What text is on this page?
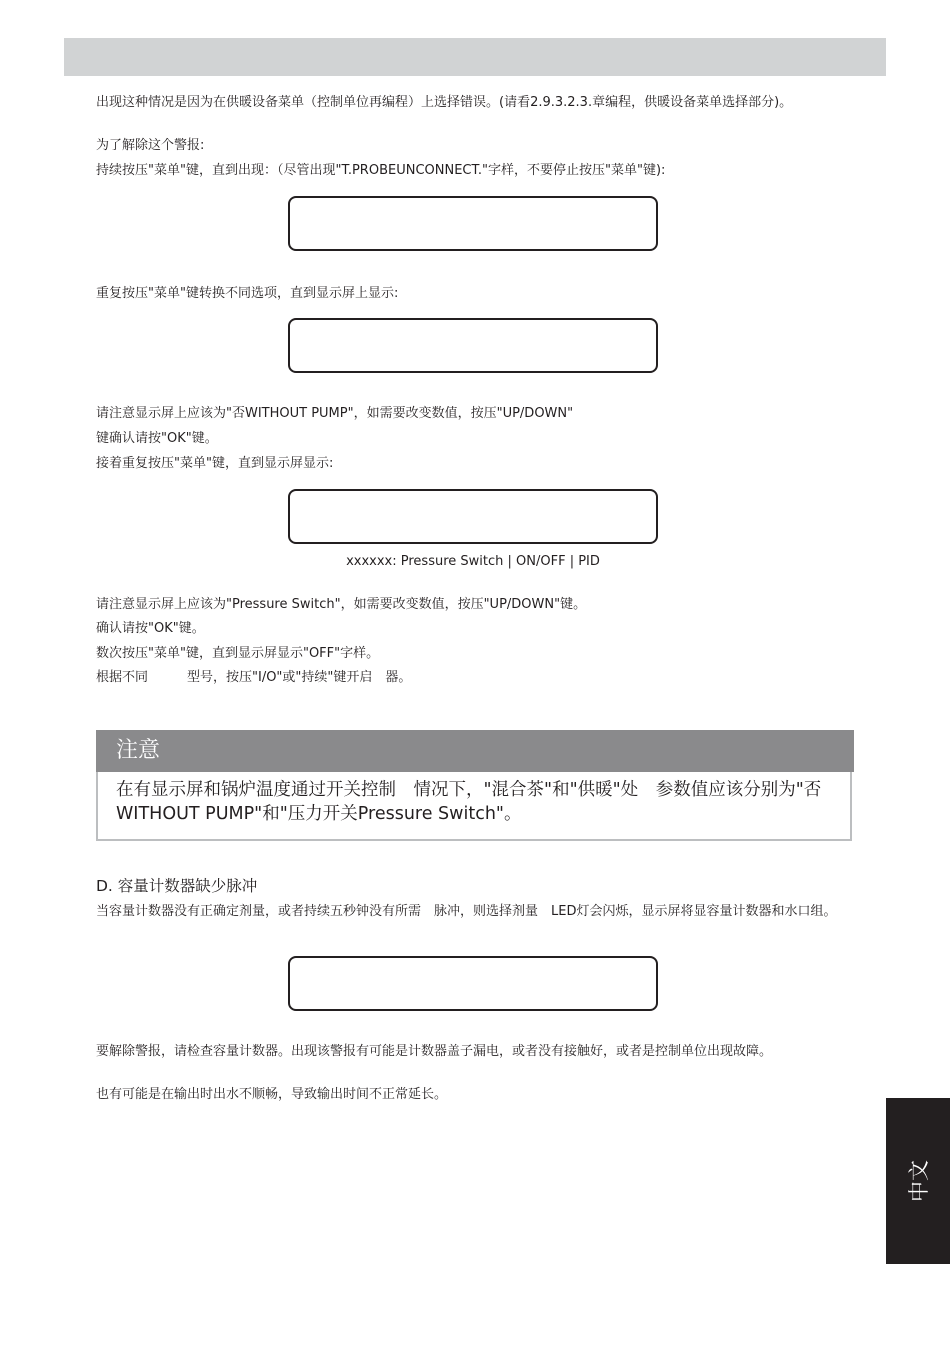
出现这种情况是因为在供暖设备菜单（控制单位再编程）上选择错误。(请看2.9.3.2.3.章编程，供暖设备菜单选择部分)。
为了解除这个警报:
持续按压"菜单"键，直到出现：（尽管出现"T.PROBEUNCONNECT."字样，不要停止按压"菜单"键):
重复按压"菜单"键转换不同选项，直到显示屏上显示:
请注意显示屏上应该为"否WITHOUT PUMP"，如需要改变数值，按压"UP/DOWN"
键确认请按"OK"键。
接着重复按压"菜单"键，直到显示屏显示:
xxxxxx: Pressure Switch | ON/OFF | PID
请注意显示屏上应该为"Pressure Switch"，如需要改变数值，按压"UP/DOWN"键。
确认请按"OK"键。
数次按压"菜单"键，直到显示屏显示"OFF"字样。
根据不同　　　型号，按压"I/O"或"持续"键开启　器。
注意
在有显示屏和锅炉温度通过开关控制　情况下，"混合茶"和"供暖"处　参数值应该分别为"否WITHOUT PUMP"和"压力开关Pressure Switch"。
D. 容量计数器缺少脉冲
当容量计数器没有正确定剂量，或者持续五秒钟没有所需　脉冲，则选择剂量　LED灯会闪烁，显示屏将显容量计数器和水口组。
要解除警报，请检查容量计数器。出现该警报有可能是计数器盖子漏电，或者没有接触好，或者是控制单位出现故障。
也有可能是在输出时出水不顺畅，导致输出时间不正常延长。
中文
